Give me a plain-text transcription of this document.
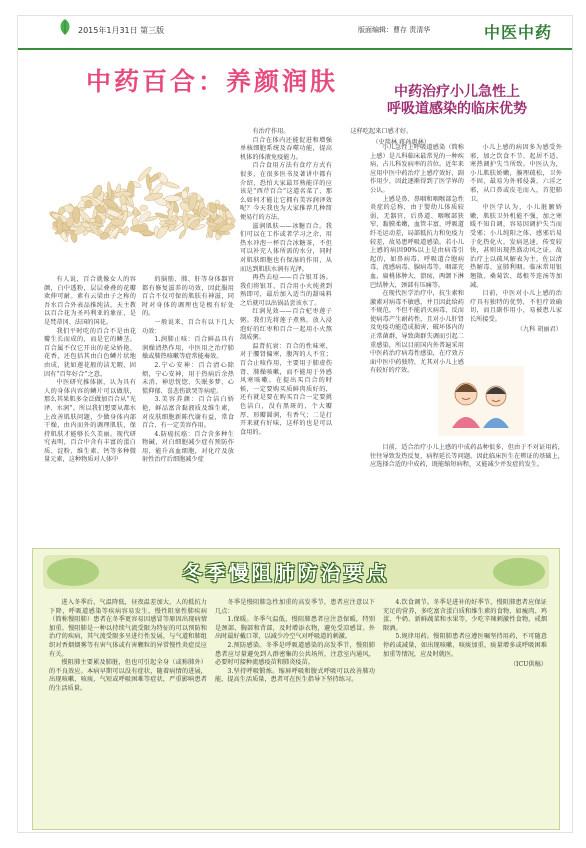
2015年1月31日 第三版	版面编辑：曹存 责清华	中医中药
中药百合：养颜润肤

有人说，百合就像女人的容颜，白中透粉，层层叠叠的花瓣欢伸可耐。素有云梁由子之称的吾水百合外表品推纯洁，天主教以百合花为圣玛利亚的象征，是是梵蒂冈、法国的国花。

我们平时吃的百合不是由花瓣生长而成的，而是它的鳞茎。百合属不仅它开出的花朵娇艳、花香，还包括其由白色鳞片状地由成，犹如莲花般的洁无暇，固因有“百年好合”之意。

中医研究推体据，认为具有人的身体内容的鳞片可以做肤，那么其果肌多金泛做加百合从“光泽、水润”。所以我们想要从都水上改善肌肤问题，少做身体内部干燥，由内而外的调理肌肤，保持肌肤才能够长久美丽。现代研究表明，百合中含有丰富的蛋白质、淀粉、维生素、钙等多种微量元素，这种物质对人体中

的脑筋、肺、肝等身体器官都有修复滋养的功效，因此服用百合不仅可保的肌肤有神滋，同时对身体的调理也是极有好处的。

一般说来，百合有以下几大功效：

1.润肺止咳：百合鲜品具有润燥清热作用，中医用之治疗肺燥或肺热咳嗽等症常能奏效。

2.宁心安神：百合清心除烦，宁心安神，用于热病后余热未消、神思恍惚、失眠多梦、心慌抑郁、喜悲伤欲哭等病症。

3.美容养颜：百合洁白娇艳，鲜品富含黏液质及维生素，对皮肤细胞新陈代谢有益，常食百合，有一定美容作用。

4.防癌抗癌：百合含多种生物碱，对白细胞减少症有预防作用，能升高血细胞，对化疗及放射性治疗后细胞减少症

有治疗作用。

百合在体内还能促进和增强单核细胞系统及吞噬功能，提高机体的体液免疫能力。

百合食用方法有食疗方式有很多，在很多医书及著讲中都有介绍，恐怕大家最耳熟能详的应该是“西芹百合”这道名菜了，那么如何才能让它拥有美容润泽效呢？今天我也为大家推荐几种简便易行的方法。

滋润肌肤——冰糖百合。我们可以在工作或者学习之余，用热水冲泡一杯百合冰糖茶，不但可以补充人体所需的水分，同时对肌肤细胞也有保湿的作用，从而达到肌肤水润有光泽。

再热去痘——百合银耳汤。我们将银耳、百合用小火炖煮到熟即可，最后加入适当的甜味料之后就可以出锅品尝该水了。

红润见效——百合杞枣莲子粥。我们先将莲子煮熟，放入浸泡好的红枣和百合一起用小火熬制成粥。

温肾抗衰：百合的性味寒，对于腰肾偏寒，腹泻的人不宜；百合止咳作用，主要用于肺虚伤肾、肺燥咳嗽，而不能用于外感风寒咳嗽。在提出买百合的时候，一定要购买质鲜肉质好的，还有就是要在购买百合一定要挑色洁白，没有黑斑的，个大瓣厚、形瓣圆润，有香气；二是打开来就有好味，这样的也是可以食用的。

这样吃起来口感才好。

（史琰林 蒋孙惠林）

中药治疗小儿急性上
呼吸道感染的临床优势

小儿急性上呼吸道感染（简称上感）是儿科临床最常见的一种疾病，占儿科发病率的首位。近年来应用中医中药治疗上感疗效好，副作用少，因此逐渐得到了医学界的公认。

上感是鼻、鼻咽和咽喉部急性炎症的总称，由于婴幼儿体质较弱，无器官，后鼻道、咽喉部狭窄，黏膜柔嫩，血管丰富，呼吸道纤毛运动差，局部抵抗力和免疫力较差，故易患呼吸道感染。若小儿上感的病因90%以上是由病毒引起的，如鼻病毒、呼吸道合胞病毒、流感病毒、腺病毒等，咽部充血，扁桃体肿大，溃疡，两颌下淋巴结肿大，颈部有压痛等。

在现代医学治疗中，抗生素和激素对病毒不敏感，并且因此给药不规范，不但不能消灭病毒，反而使病毒产生耐药性，且对小儿肝肾及免疫功能造成损害，破坏体内的正常菌群，导致菌群失调而引起二重感染，所以目前国内外普遍采用中医药治疗病毒性感染，在疗效方面中医中药独特，尤其对小儿上感有较好的疗效。

小儿上感的病因多为感受外邪，加之饮食不节、起居不适、寒热调护失当所致。中医认为，小儿肌肤娇嫩，腠理疏松，卫外不固，最易为外邪侵袭，六淫之邪，从口鼻或皮毛而入，首犯肺卫。

中医学认为，小儿脏腑娇嫩，肌肤卫外机能不强，加之寒暖不知自调，容易因调护失当而受邪；小儿纯阳之体，感邪后易于化热化火，发病迅速，传变较快，甚则出现热盛动风之证。故治疗上以疏风解表为主，佐以清热解毒、宣肺利咽。临床常用银翘散、桑菊饮、葛根芩连汤等加减。

目前，中医对小儿上感的治疗具有独特的优势，不但疗效确切，而且副作用小，易被患儿家长所接受。

（九科 胡丽君）

目前，适合治疗小儿上感的中成药品种很多，但由于不对证用药，往往导致发热反复，病程延长等问题。因此临床医生在辨证的基础上，应选择合适的中成药，既能缩短病程，又能减少并发症的发生。

冬季慢阻肺防治要点

进入冬季后，气温降低，昼夜温差加大，人的抵抗力下降，呼吸道感染等疾病容易发生，慢性阻塞性肺疾病（简称慢阻肺）患者在冬季更容易因感冒等原因出现病情加重。慢阻肺是一种以持续气流受限为特征的可以预防和治疗的疾病，其气流受限多呈进行性发展，与气道和肺组织对香烟烟雾等有害气体或有害颗粒的异常慢性炎症反应有关。

慢阻肺主要累及肺脏，但也可引起全身（或称肺外）的不良效应。本病早期可以没有症状，随着病情的进展，出现咳嗽、咳痰、气短或呼吸困难等症状，严重影响患者的生活质量。

冬季是慢阻肺急性加重的高发季节，患者应注意以下几点：

1.保暖。冬季气温低，慢阻肺患者应注意保暖，特别是颈部、胸部和背部，及时增添衣物，避免受凉感冒。外出时最好戴口罩，以减少冷空气对呼吸道的刺激。

2.预防感染。冬季是呼吸道感染的高发季节，慢阻肺患者应尽量避免到人群密集的公共场所，注意室内通风，必要时可接种流感疫苗和肺炎疫苗。

3.坚持呼吸锻炼。缩唇呼吸和腹式呼吸可以改善肺功能，提高生活质量，患者可在医生指导下坚持练习。

4.饮食调节。冬季是进补的好季节，慢阻肺患者应保证充足的营养，多吃富含蛋白质和维生素的食物，如瘦肉、鸡蛋、牛奶、新鲜蔬菜和水果等，少吃辛辣刺激性食物，戒烟限酒。

5.规律用药。慢阻肺患者应遵医嘱坚持用药，不可随意停药或减量，如出现咳嗽、咳痰加重，痰量增多或呼吸困难加重等情况，应及时就医。

（ICU供稿）
